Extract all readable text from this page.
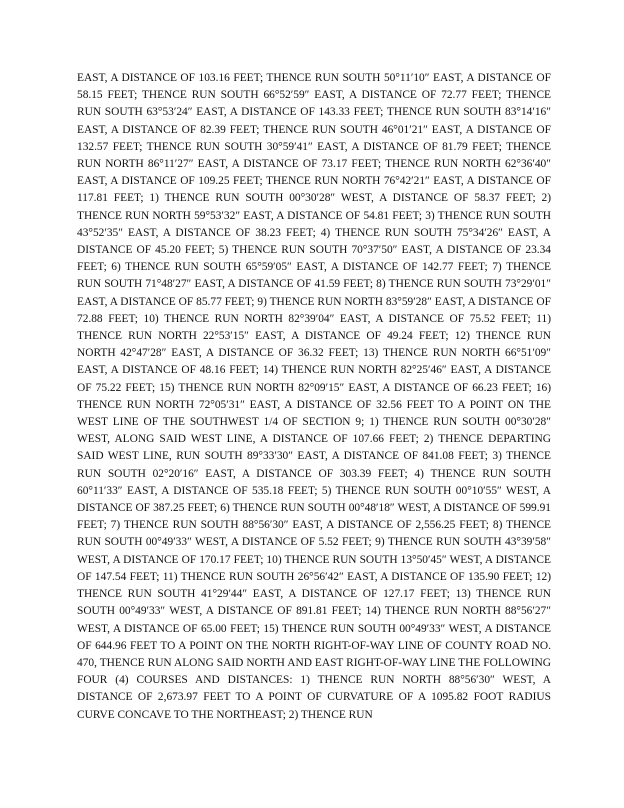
EAST, A DISTANCE OF 103.16 FEET; THENCE RUN SOUTH 50°11′10″ EAST, A DISTANCE OF 58.15 FEET; THENCE RUN SOUTH 66°52′59″ EAST, A DISTANCE OF 72.77 FEET; THENCE RUN SOUTH 63°53′24″ EAST, A DISTANCE OF 143.33 FEET; THENCE RUN SOUTH 83°14′16″ EAST, A DISTANCE OF 82.39 FEET; THENCE RUN SOUTH 46°01′21″ EAST, A DISTANCE OF 132.57 FEET; THENCE RUN SOUTH 30°59′41″ EAST, A DISTANCE OF 81.79 FEET; THENCE RUN NORTH 86°11′27″ EAST, A DISTANCE OF 73.17 FEET; THENCE RUN NORTH 62°36′40″ EAST, A DISTANCE OF 109.25 FEET; THENCE RUN NORTH 76°42′21″ EAST, A DISTANCE OF 117.81 FEET; 1) THENCE RUN SOUTH 00°30′28″ WEST, A DISTANCE OF 58.37 FEET; 2) THENCE RUN NORTH 59°53′32″ EAST, A DISTANCE OF 54.81 FEET; 3) THENCE RUN SOUTH 43°52′35″ EAST, A DISTANCE OF 38.23 FEET; 4) THENCE RUN SOUTH 75°34′26″ EAST, A DISTANCE OF 45.20 FEET; 5) THENCE RUN SOUTH 70°37′50″ EAST, A DISTANCE OF 23.34 FEET; 6) THENCE RUN SOUTH 65°59′05″ EAST, A DISTANCE OF 142.77 FEET; 7) THENCE RUN SOUTH 71°48′27″ EAST, A DISTANCE OF 41.59 FEET; 8) THENCE RUN SOUTH 73°29′01″ EAST, A DISTANCE OF 85.77 FEET; 9) THENCE RUN NORTH 83°59′28″ EAST, A DISTANCE OF 72.88 FEET; 10) THENCE RUN NORTH 82°39′04″ EAST, A DISTANCE OF 75.52 FEET; 11) THENCE RUN NORTH 22°53′15″ EAST, A DISTANCE OF 49.24 FEET; 12) THENCE RUN NORTH 42°47′28″ EAST, A DISTANCE OF 36.32 FEET; 13) THENCE RUN NORTH 66°51′09″ EAST, A DISTANCE OF 48.16 FEET; 14) THENCE RUN NORTH 82°25′46″ EAST, A DISTANCE OF 75.22 FEET; 15) THENCE RUN NORTH 82°09′15″ EAST, A DISTANCE OF 66.23 FEET; 16) THENCE RUN NORTH 72°05′31″ EAST, A DISTANCE OF 32.56 FEET TO A POINT ON THE WEST LINE OF THE SOUTHWEST 1/4 OF SECTION 9; 1) THENCE RUN SOUTH 00°30′28″ WEST, ALONG SAID WEST LINE, A DISTANCE OF 107.66 FEET; 2) THENCE DEPARTING SAID WEST LINE, RUN SOUTH 89°33′30″ EAST, A DISTANCE OF 841.08 FEET; 3) THENCE RUN SOUTH 02°20′16″ EAST, A DISTANCE OF 303.39 FEET; 4) THENCE RUN SOUTH 60°11′33″ EAST, A DISTANCE OF 535.18 FEET; 5) THENCE RUN SOUTH 00°10′55″ WEST, A DISTANCE OF 387.25 FEET; 6) THENCE RUN SOUTH 00°48′18″ WEST, A DISTANCE OF 599.91 FEET; 7) THENCE RUN SOUTH 88°56′30″ EAST, A DISTANCE OF 2,556.25 FEET; 8) THENCE RUN SOUTH 00°49′33″ WEST, A DISTANCE OF 5.52 FEET; 9) THENCE RUN SOUTH 43°39′58″ WEST, A DISTANCE OF 170.17 FEET; 10) THENCE RUN SOUTH 13°50′45″ WEST, A DISTANCE OF 147.54 FEET; 11) THENCE RUN SOUTH 26°56′42″ EAST, A DISTANCE OF 135.90 FEET; 12) THENCE RUN SOUTH 41°29′44″ EAST, A DISTANCE OF 127.17 FEET; 13) THENCE RUN SOUTH 00°49′33″ WEST, A DISTANCE OF 891.81 FEET; 14) THENCE RUN NORTH 88°56′27″ WEST, A DISTANCE OF 65.00 FEET; 15) THENCE RUN SOUTH 00°49′33″ WEST, A DISTANCE OF 644.96 FEET TO A POINT ON THE NORTH RIGHT-OF-WAY LINE OF COUNTY ROAD NO. 470, THENCE RUN ALONG SAID NORTH AND EAST RIGHT-OF-WAY LINE THE FOLLOWING FOUR (4) COURSES AND DISTANCES: 1) THENCE RUN NORTH 88°56′30″ WEST, A DISTANCE OF 2,673.97 FEET TO A POINT OF CURVATURE OF A 1095.82 FOOT RADIUS CURVE CONCAVE TO THE NORTHEAST; 2) THENCE RUN
